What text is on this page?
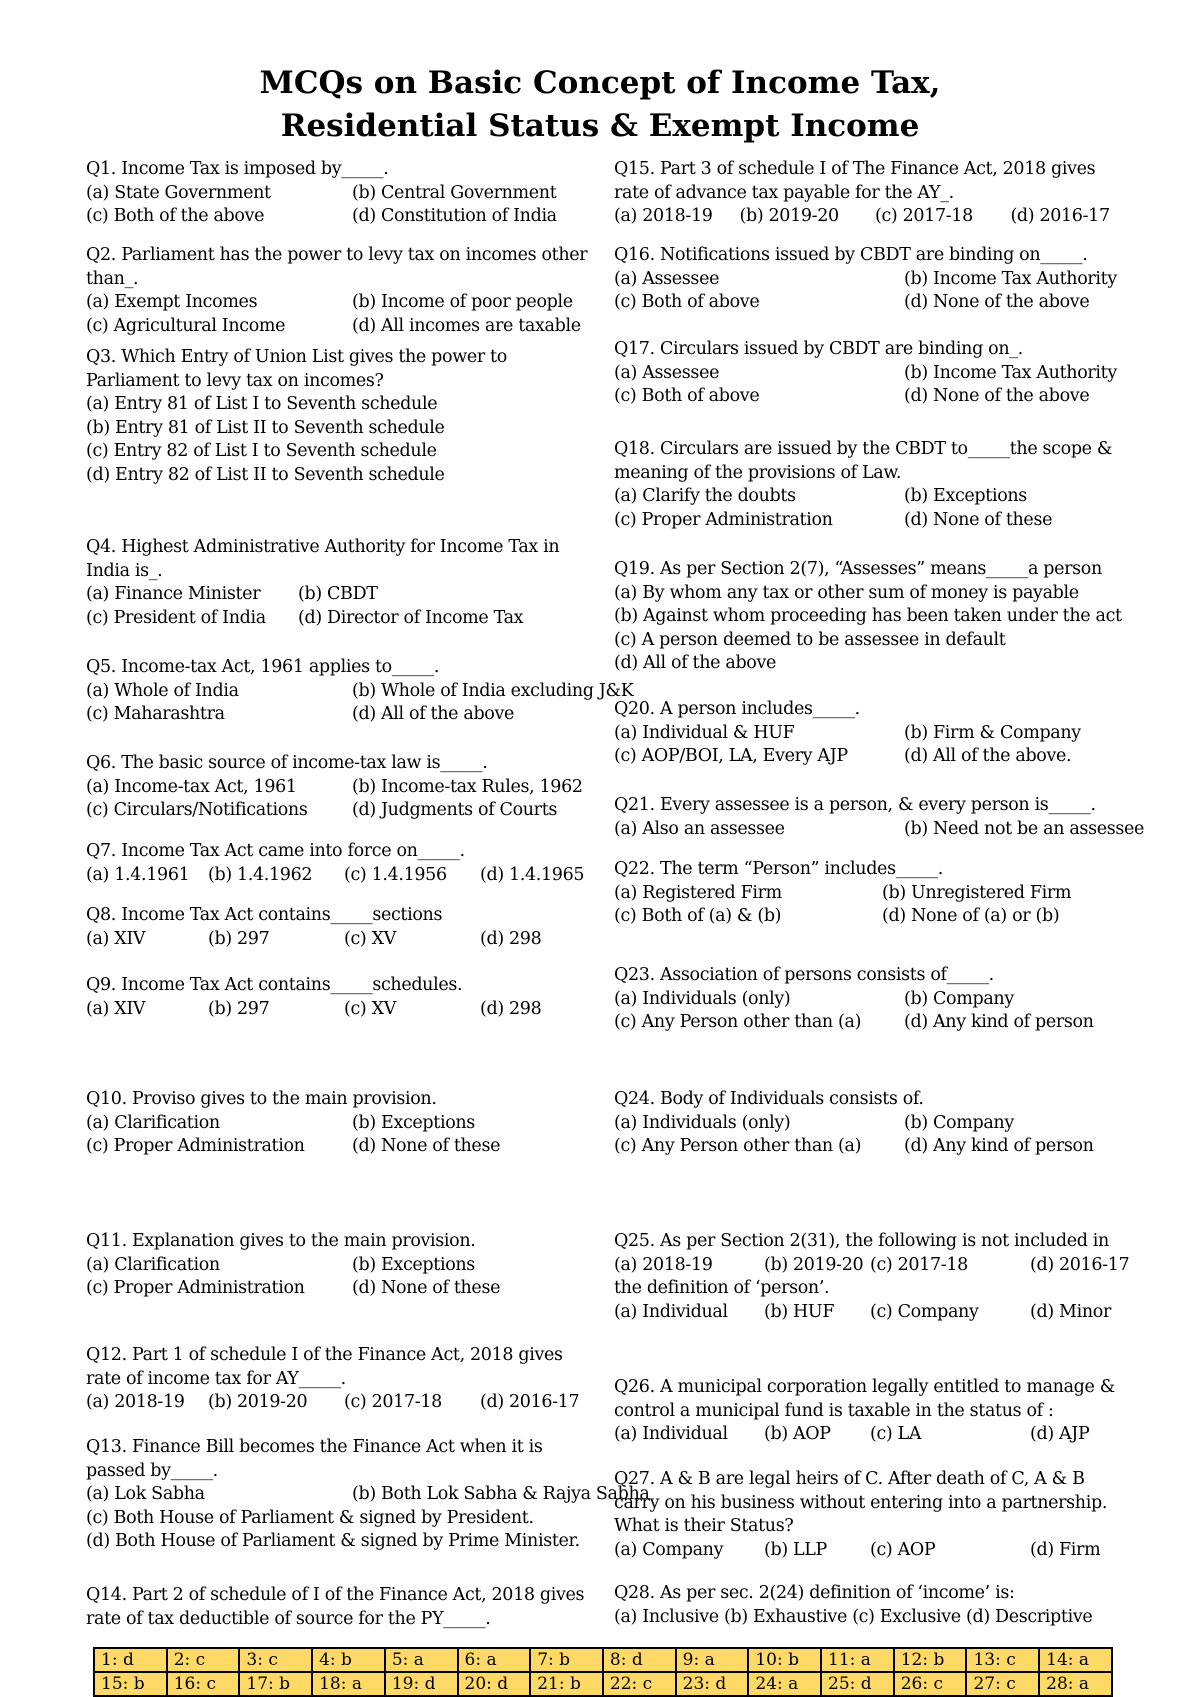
MCQs on Basic Concept of Income Tax,
Residential Status & Exempt Income
Q1. Income Tax is imposed by_____.
(a) State Government	(b) Central Government
(c) Both of the above	(d) Constitution of India
Q2. Parliament has the power to levy tax on incomes other than_.
(a) Exempt Incomes	(b) Income of poor people
(c) Agricultural Income	(d) All incomes are taxable
Q3. Which Entry of Union List gives the power to Parliament to levy tax on incomes?
(a) Entry 81 of List I to Seventh schedule
(b) Entry 81 of List II to Seventh schedule
(c) Entry 82 of List I to Seventh schedule
(d) Entry 82 of List II to Seventh schedule
Q4. Highest Administrative Authority for Income Tax in India is_.
(a) Finance Minister	(b) CBDT
(c) President of India	(d) Director of Income Tax
Q5. Income-tax Act, 1961 applies to_____.
(a) Whole of India	(b) Whole of India excluding J&K
(c) Maharashtra	(d) All of the above
Q6. The basic source of income-tax law is_____.
(a) Income-tax Act, 1961	(b) Income-tax Rules, 1962
(c) Circulars/Notifications	(d) Judgments of Courts
Q7. Income Tax Act came into force on_____.
(a) 1.4.1961	(b) 1.4.1962	(c) 1.4.1956	(d) 1.4.1965
Q8. Income Tax Act contains_____sections
(a) XIV	(b) 297	(c) XV	(d) 298
Q9. Income Tax Act contains_____schedules.
(a) XIV	(b) 297	(c) XV	(d) 298
Q10. Proviso gives to the main provision.
(a) Clarification	(b) Exceptions
(c) Proper Administration	(d) None of these
Q11. Explanation gives to the main provision.
(a) Clarification	(b) Exceptions
(c) Proper Administration	(d) None of these
Q12. Part 1 of schedule I of the Finance Act, 2018 gives rate of income tax for AY_____.
(a) 2018-19	(b) 2019-20	(c) 2017-18	(d) 2016-17
Q13. Finance Bill becomes the Finance Act when it is passed by_____.
(a) Lok Sabha	(b) Both Lok Sabha & Rajya Sabha
(c) Both House of Parliament & signed by President.
(d) Both House of Parliament & signed by Prime Minister.
Q14. Part 2 of schedule of I of the Finance Act, 2018 gives rate of tax deductible of source for the PY_____.
Q15. Part 3 of schedule I of The Finance Act, 2018 gives rate of advance tax payable for the AY_.
(a) 2018-19	(b) 2019-20	(c) 2017-18	(d) 2016-17
Q16. Notifications issued by CBDT are binding on_____.
(a) Assessee	(b) Income Tax Authority
(c) Both of above	(d) None of the above
Q17. Circulars issued by CBDT are binding on_.
(a) Assessee	(b) Income Tax Authority
(c) Both of above	(d) None of the above
Q18. Circulars are issued by the CBDT to_____the scope & meaning of the provisions of Law.
(a) Clarify the doubts	(b) Exceptions
(c) Proper Administration	(d) None of these
Q19. As per Section 2(7), “Assesses” means_____a person
(a) By whom any tax or other sum of money is payable
(b) Against whom proceeding has been taken under the act
(c) A person deemed to be assessee in default
(d) All of the above
Q20. A person includes_____.
(a) Individual & HUF	(b) Firm & Company
(c) AOP/BOI, LA, Every AJP	(d) All of the above.
Q21. Every assessee is a person, & every person is_____.
(a) Also an assessee	(b) Need not be an assessee
Q22. The term “Person” includes_____.
(a) Registered Firm	(b) Unregistered Firm
(c) Both of (a) & (b)	(d) None of (a) or (b)
Q23. Association of persons consists of_____.
(a) Individuals (only)	(b) Company
(c) Any Person other than (a)	(d) Any kind of person
Q24. Body of Individuals consists of.
(a) Individuals (only)	(b) Company
(c) Any Person other than (a)	(d) Any kind of person
Q25. As per Section 2(31), the following is not included in
(a) 2018-19	(b) 2019-20 (c) 2017-18	(d) 2016-17
the definition of ‘person’.
(a) Individual	(b) HUF	(c) Company	(d) Minor
Q26. A municipal corporation legally entitled to manage & control a municipal fund is taxable in the status of :
(a) Individual	(b) AOP	(c) LA	(d) AJP
Q27. A & B are legal heirs of C. After death of C, A & B carry on his business without entering into a partnership. What is their Status?
(a) Company	(b) LLP	(c) AOP	(d) Firm
Q28. As per sec. 2(24) definition of ‘income’ is:
(a) Inclusive (b) Exhaustive (c) Exclusive (d) Descriptive
1: d	2: c	3: c	4: b	5: a	6: a	7: b	8: d	9: a	10: b	11: a	12: b	13: c	14: a
15: b	16: c	17: b	18: a	19: d	20: d	21: b	22: c	23: d	24: a	25: d	26: c	27: c	28: a
